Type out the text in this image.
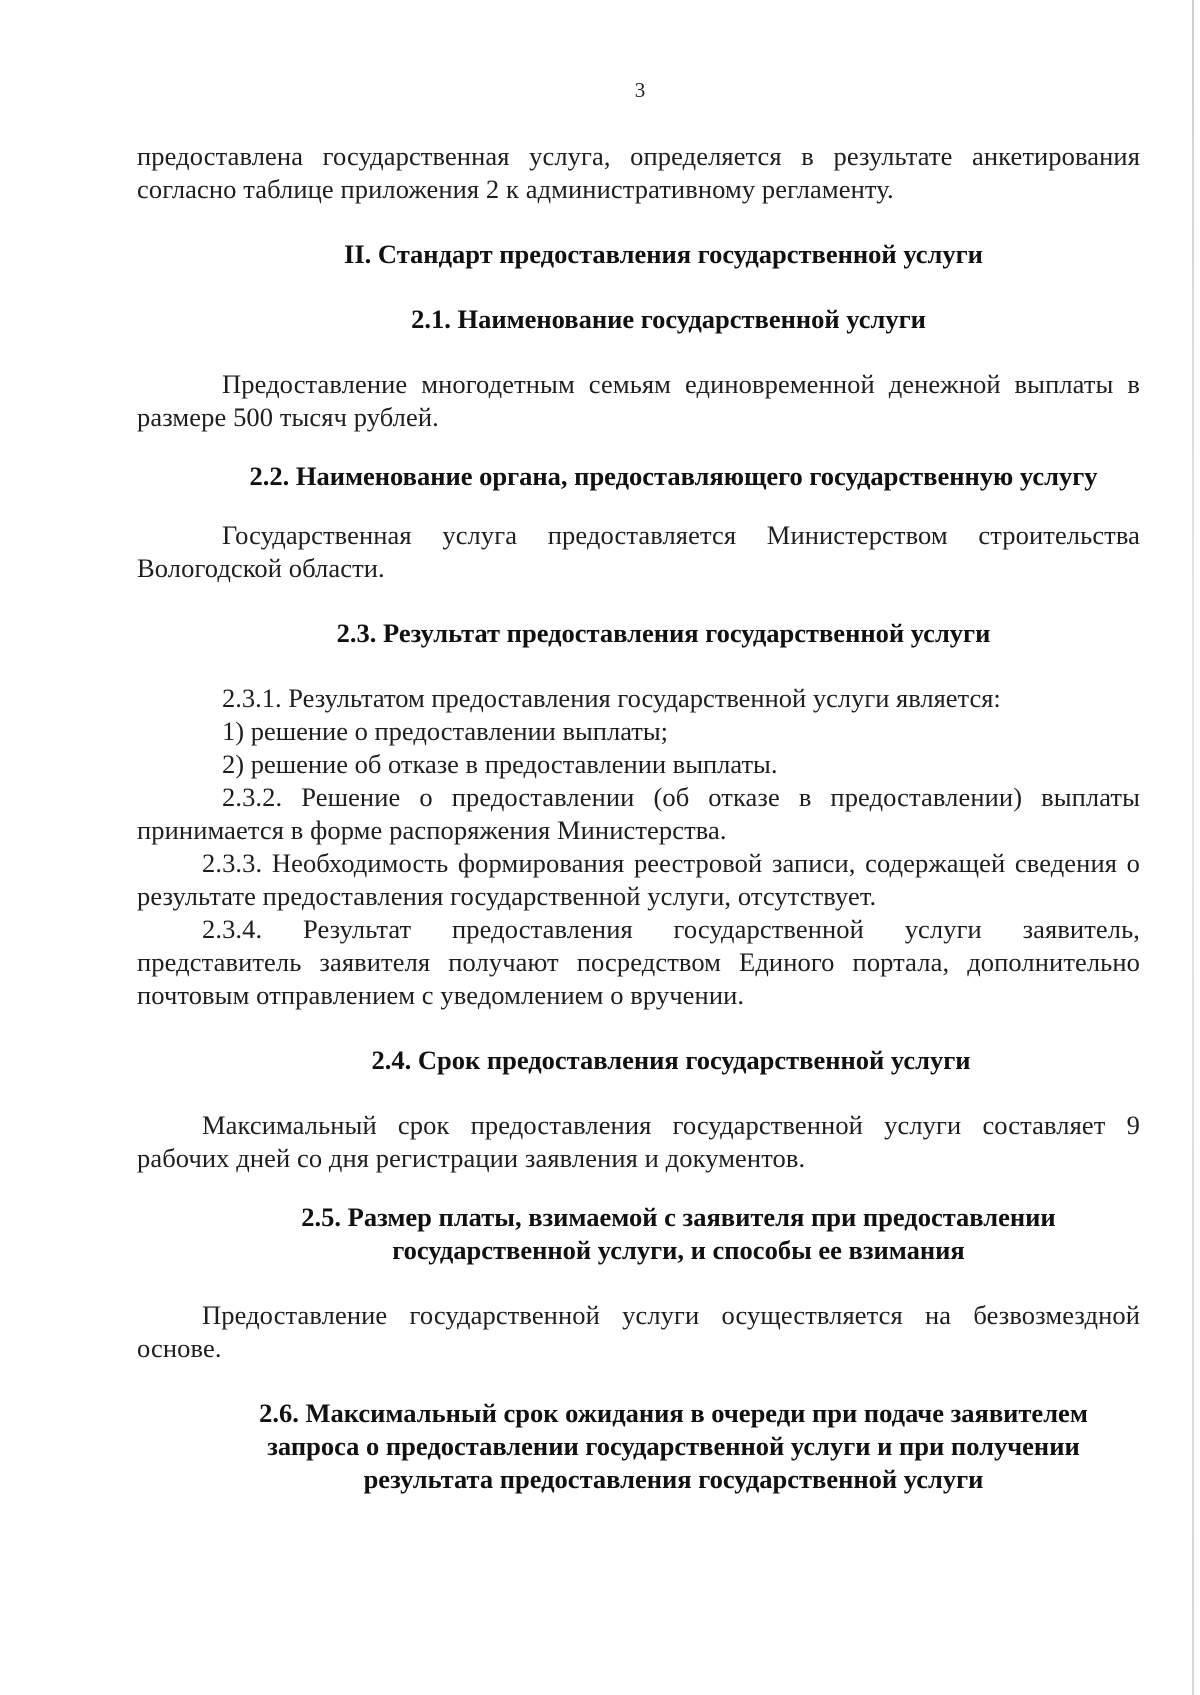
3

предоставлена государственная услуга, определяется в результате анкетирования согласно таблице приложения 2 к административному регламенту.

II. Стандарт предоставления государственной услуги

2.1. Наименование государственной услуги

Предоставление многодетным семьям единовременной денежной выплаты в размере 500 тысяч рублей.

2.2. Наименование органа, предоставляющего государственную услугу

Государственная услуга предоставляется Министерством строительства Вологодской области.

2.3. Результат предоставления государственной услуги

2.3.1. Результатом предоставления государственной услуги является:

1) решение о предоставлении выплаты;

2) решение об отказе в предоставлении выплаты.

2.3.2. Решение о предоставлении (об отказе в предоставлении) выплаты принимается в форме распоряжения Министерства.

2.3.3. Необходимость формирования реестровой записи, содержащей сведения о результате предоставления государственной услуги, отсутствует.

2.3.4. Результат предоставления государственной услуги заявитель, представитель заявителя получают посредством Единого портала, дополнительно почтовым отправлением с уведомлением о вручении.

2.4. Срок предоставления государственной услуги

Максимальный срок предоставления государственной услуги составляет 9 рабочих дней со дня регистрации заявления и документов.

2.5. Размер платы, взимаемой с заявителя при предоставлении

государственной услуги, и способы ее взимания

Предоставление государственной услуги осуществляется на безвозмездной основе.

2.6. Максимальный срок ожидания в очереди при подаче заявителем

запроса о предоставлении государственной услуги и при получении

результата предоставления государственной услуги
